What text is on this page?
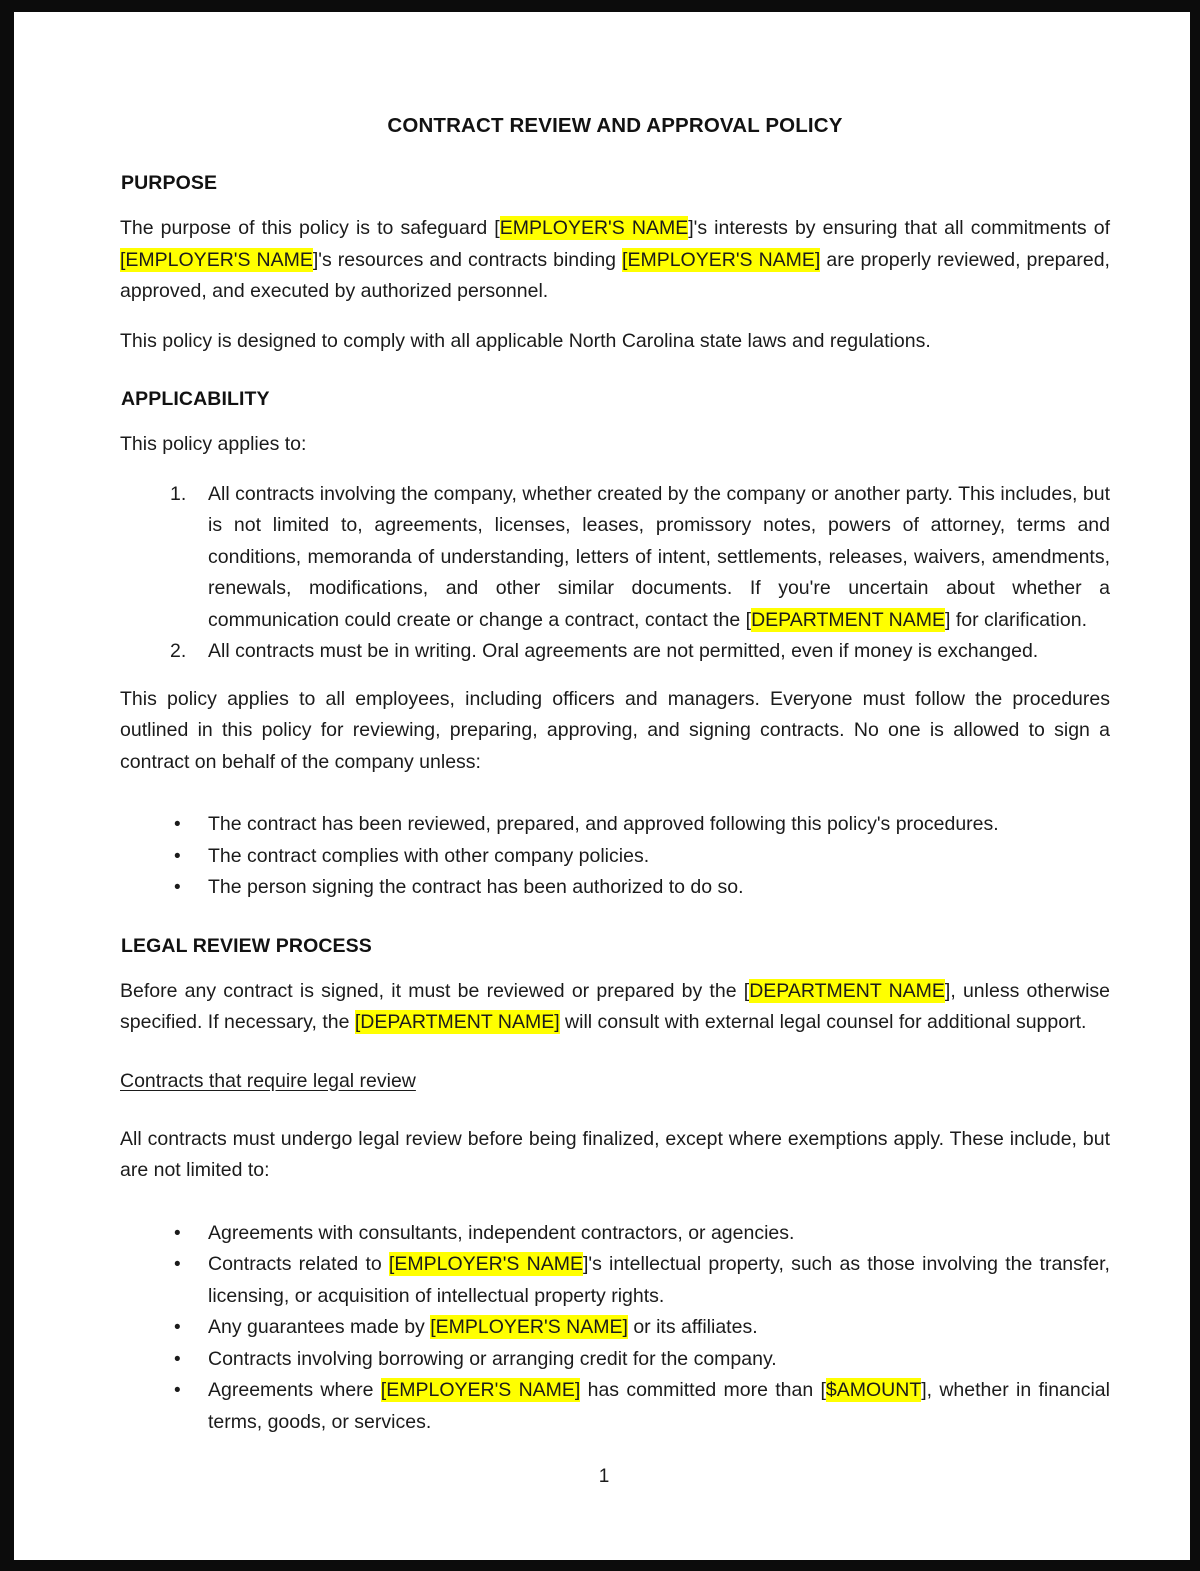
CONTRACT REVIEW AND APPROVAL POLICY
PURPOSE

The purpose of this policy is to safeguard [EMPLOYER'S NAME]'s interests by ensuring that all commitments of [EMPLOYER'S NAME]'s resources and contracts binding [EMPLOYER'S NAME] are properly reviewed, prepared, approved, and executed by authorized personnel.

This policy is designed to comply with all applicable North Carolina state laws and regulations.

APPLICABILITY

This policy applies to:

All contracts involving the company, whether created by the company or another party. This includes, but is not limited to, agreements, licenses, leases, promissory notes, powers of attorney, terms and conditions, memoranda of understanding, letters of intent, settlements, releases, waivers, amendments, renewals, modifications, and other similar documents. If you're uncertain about whether a communication could create or change a contract, contact the [DEPARTMENT NAME] for clarification.
All contracts must be in writing. Oral agreements are not permitted, even if money is exchanged.

This policy applies to all employees, including officers and managers. Everyone must follow the procedures outlined in this policy for reviewing, preparing, approving, and signing contracts. No one is allowed to sign a contract on behalf of the company unless:

• The contract has been reviewed, prepared, and approved following this policy's procedures.
• The contract complies with other company policies.
• The person signing the contract has been authorized to do so.
LEGAL REVIEW PROCESS

Before any contract is signed, it must be reviewed or prepared by the [DEPARTMENT NAME], unless otherwise specified. If necessary, the [DEPARTMENT NAME] will consult with external legal counsel for additional support.

Contracts that require legal review

All contracts must undergo legal review before being finalized, except where exemptions apply. These include, but are not limited to:

• Agreements with consultants, independent contractors, or agencies.
• Contracts related to [EMPLOYER'S NAME]'s intellectual property, such as those involving the transfer, licensing, or acquisition of intellectual property rights.
• Any guarantees made by [EMPLOYER'S NAME] or its affiliates.
• Contracts involving borrowing or arranging credit for the company.
• Agreements where [EMPLOYER'S NAME] has committed more than [$AMOUNT], whether in financial terms, goods, or services.
1
